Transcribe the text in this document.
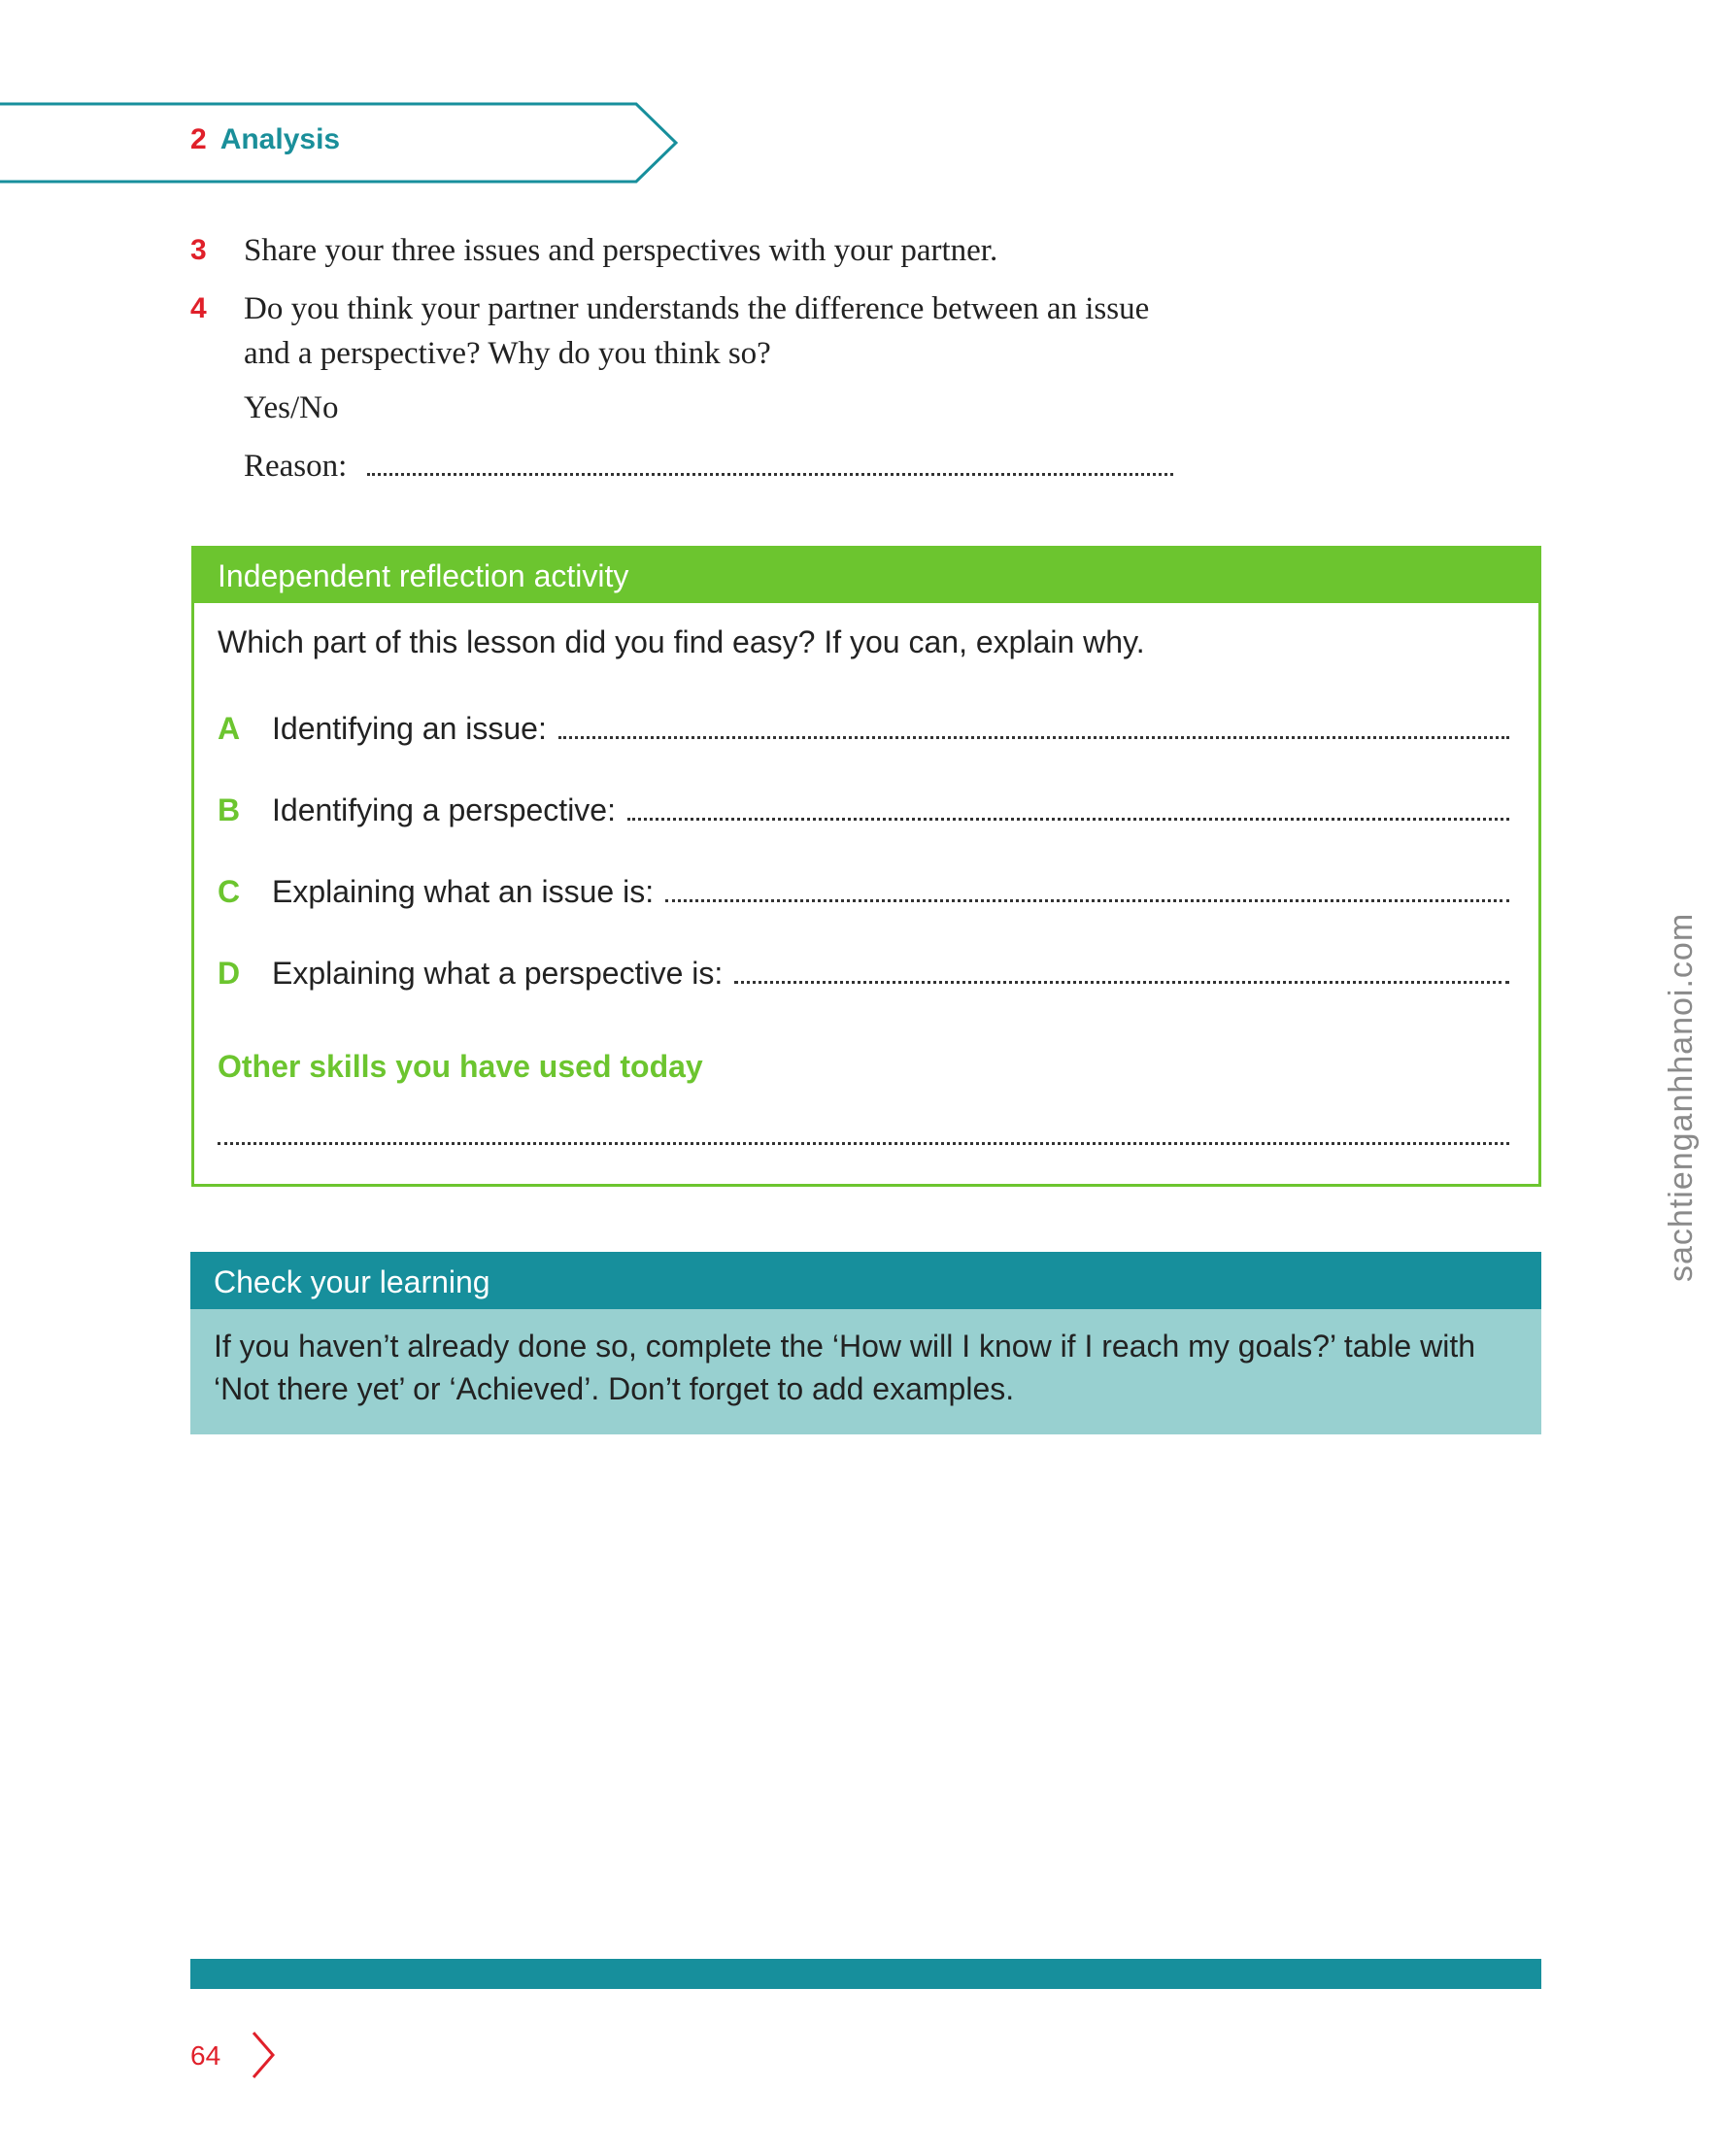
2 Analysis
3 Share your three issues and perspectives with your partner.
4 Do you think your partner understands the difference between an issue and a perspective? Why do you think so?
Yes/No
Reason:
Independent reflection activity
Which part of this lesson did you find easy? If you can, explain why.
A	Identifying an issue:
B	Identifying a perspective:
C	Explaining what an issue is:
D	Explaining what a perspective is:
Other skills you have used today
Check your learning
If you haven’t already done so, complete the ‘How will I know if I reach my goals?’ table with ‘Not there yet’ or ‘Achieved’. Don’t forget to add examples.
sachtienganhhanoi.com
64
